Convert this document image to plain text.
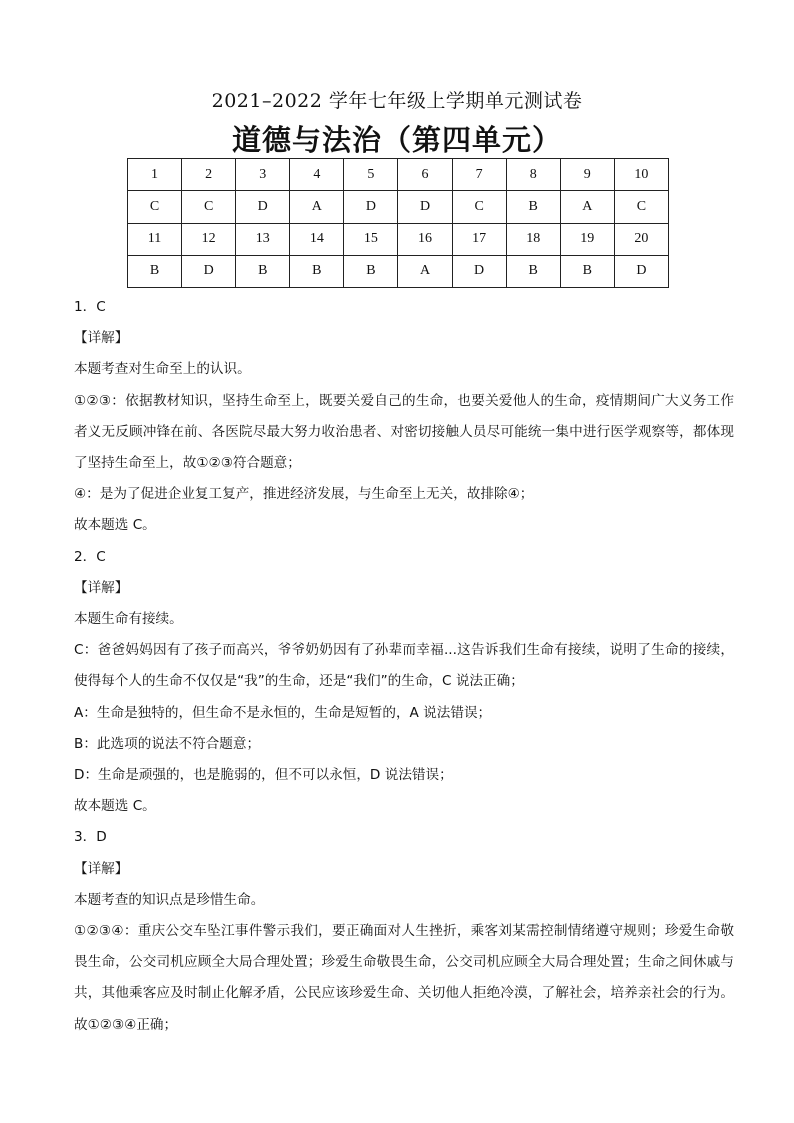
2021–2022 学年七年级上学期单元测试卷
道德与法治（第四单元）
1	2	3	4	5	6	7	8	9	10
C	C	D	A	D	D	C	B	A	C
11	12	13	14	15	16	17	18	19	20
B	D	B	B	B	A	D	B	B	D
1．C
【详解】
本题考查对生命至上的认识。
①②③：依据教材知识，坚持生命至上，既要关爱自己的生命，也要关爱他人的生命，疫情期间广大义务工作者义无反顾冲锋在前、各医院尽最大努力收治患者、对密切接触人员尽可能统一集中进行医学观察等，都体现了坚持生命至上，故①②③符合题意；
④：是为了促进企业复工复产，推进经济发展，与生命至上无关，故排除④；
故本题选 C。
2．C
【详解】
本题生命有接续。
C：爸爸妈妈因有了孩子而高兴，爷爷奶奶因有了孙辈而幸福...这告诉我们生命有接续，说明了生命的接续，使得每个人的生命不仅仅是“我”的生命，还是“我们”的生命，C 说法正确；
A：生命是独特的，但生命不是永恒的，生命是短暂的，A 说法错误；
B：此选项的说法不符合题意；
D：生命是顽强的，也是脆弱的，但不可以永恒，D 说法错误；
故本题选 C。
3．D
【详解】
本题考查的知识点是珍惜生命。
①②③④：重庆公交车坠江事件警示我们，要正确面对人生挫折，乘客刘某需控制情绪遵守规则；珍爱生命敬畏生命，公交司机应顾全大局合理处置；珍爱生命敬畏生命，公交司机应顾全大局合理处置；生命之间休戚与共，其他乘客应及时制止化解矛盾，公民应该珍爱生命、关切他人拒绝冷漠，了解社会，培养亲社会的行为。故①②③④正确；
